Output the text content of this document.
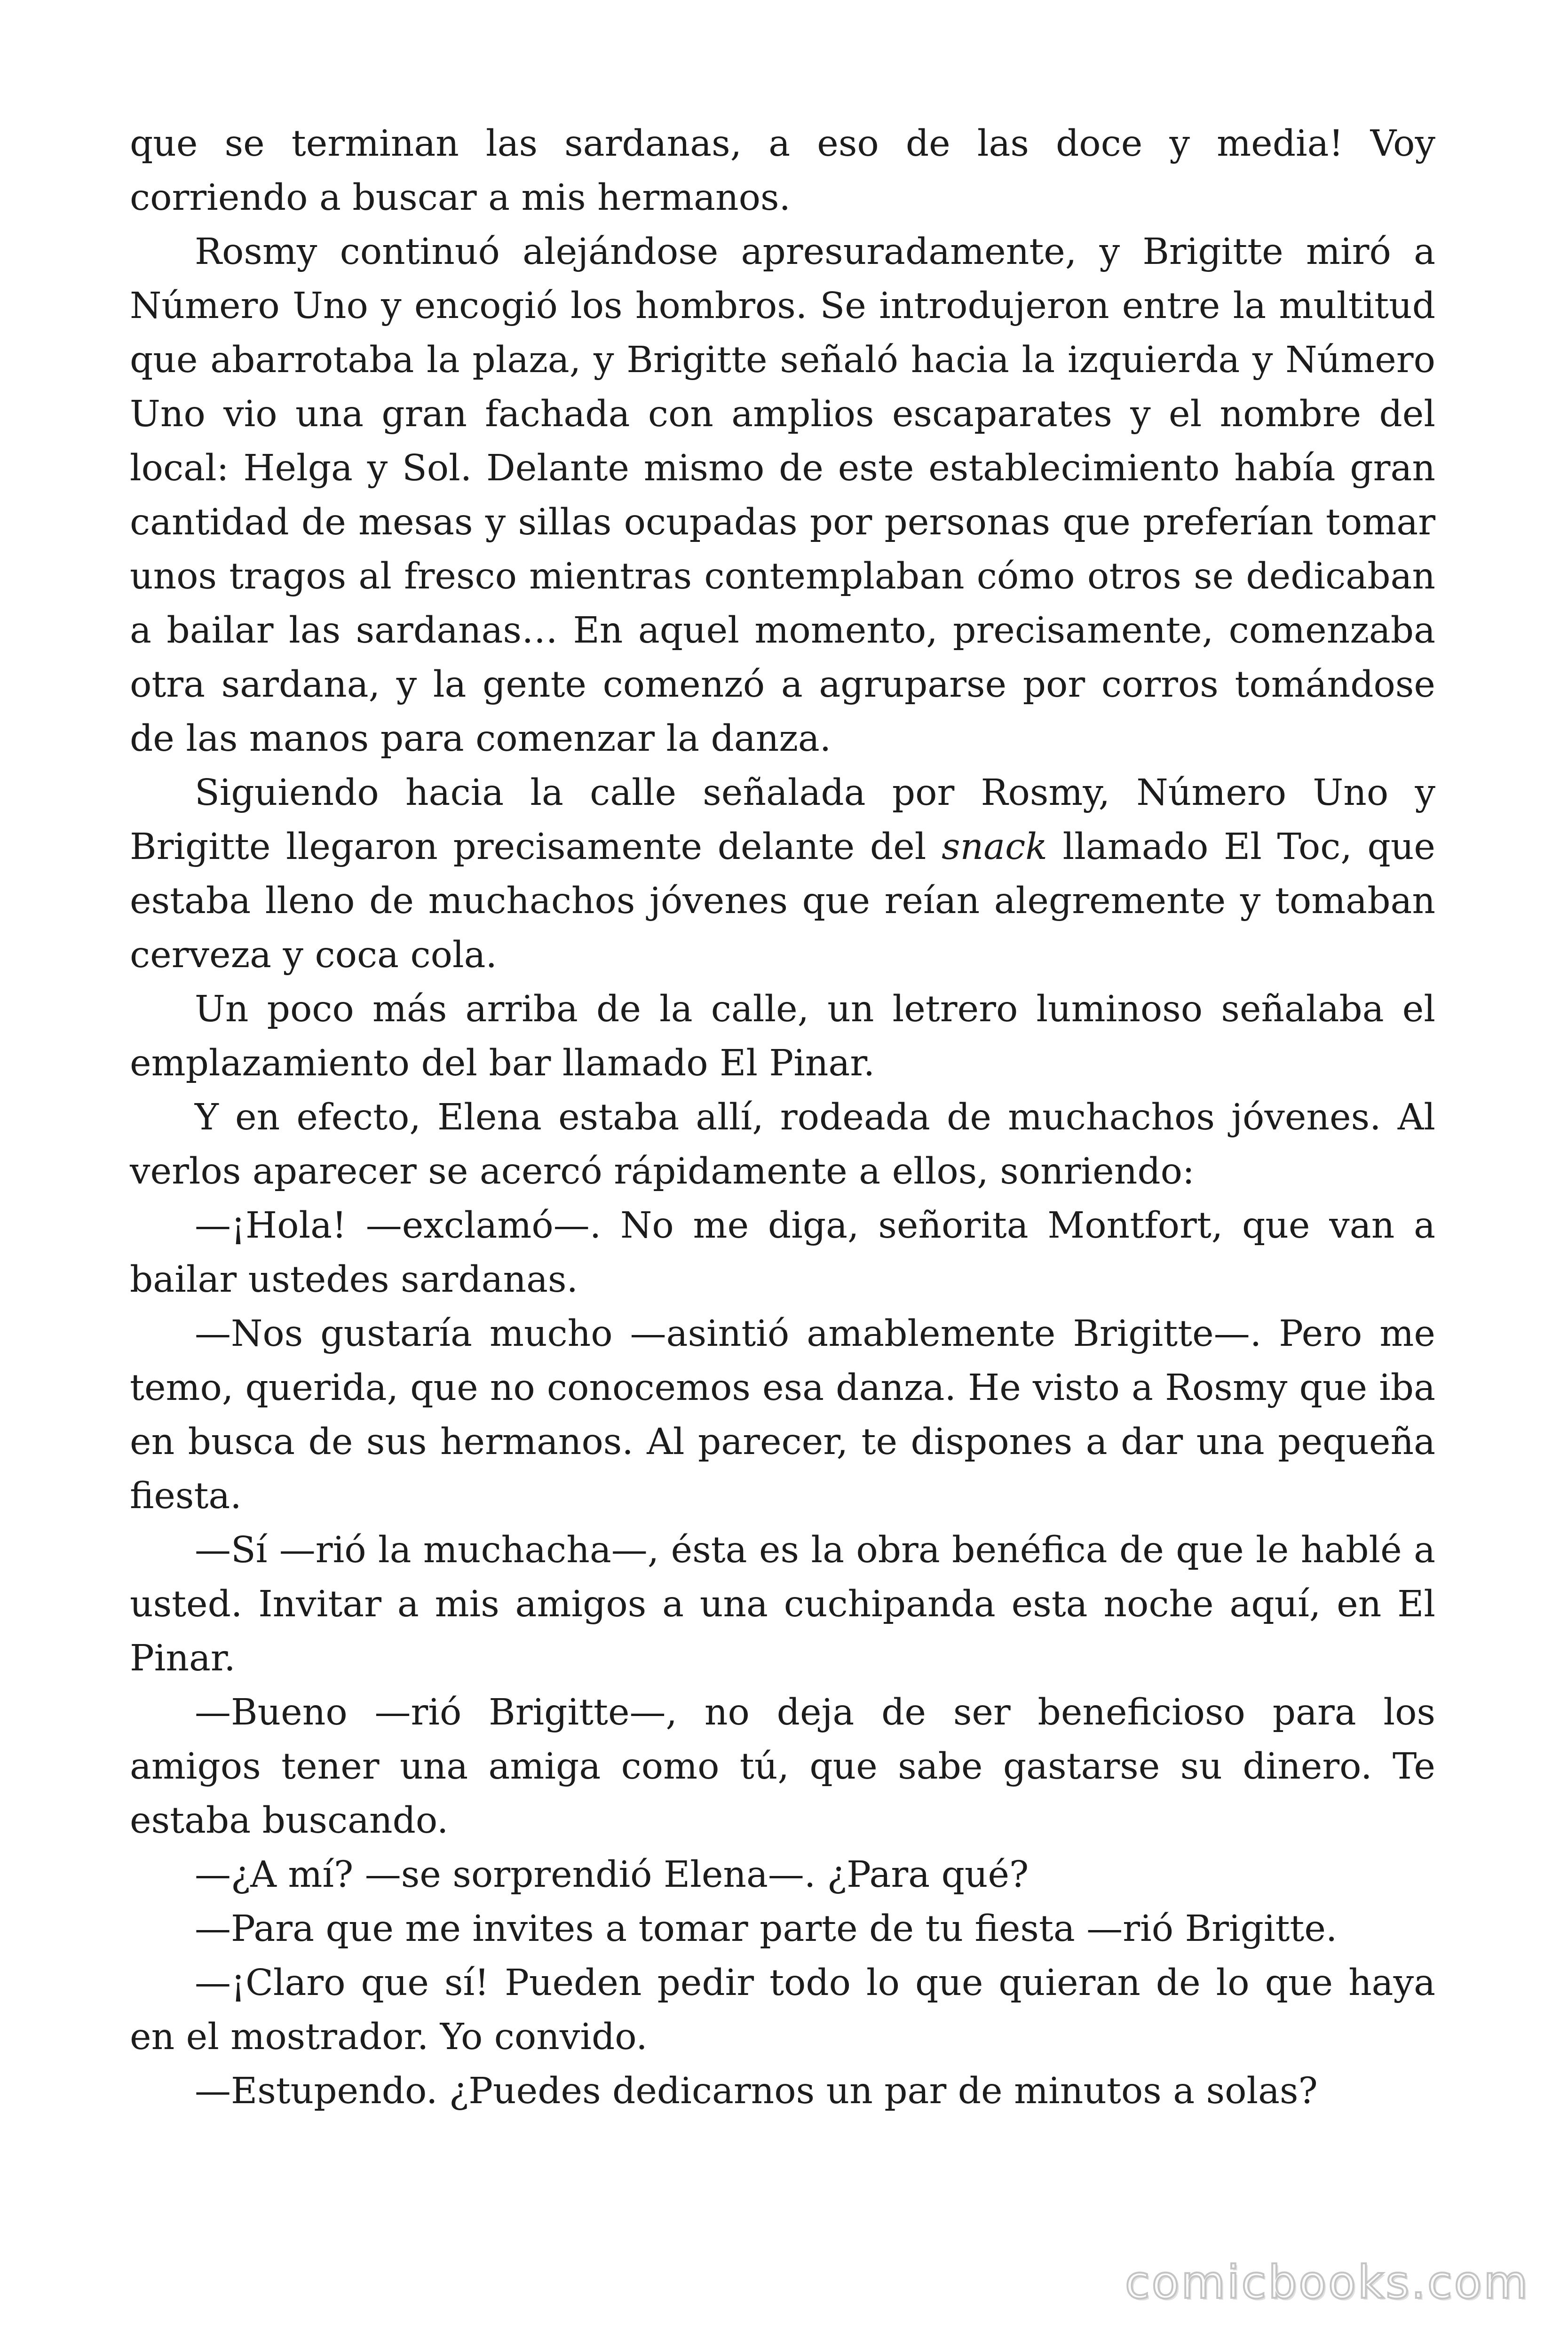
que se terminan las sardanas, a eso de las doce y media! Voy corriendo a buscar a mis hermanos.

Rosmy continuó alejándose apresuradamente, y Brigitte miró a Número Uno y encogió los hombros. Se introdujeron entre la multitud que abarrotaba la plaza, y Brigitte señaló hacia la izquierda y Número Uno vio una gran fachada con amplios escaparates y el nombre del local: Helga y Sol. Delante mismo de este establecimiento había gran cantidad de mesas y sillas ocupadas por personas que preferían tomar unos tragos al fresco mientras contemplaban cómo otros se dedicaban a bailar las sardanas… En aquel momento, precisamente, comenzaba otra sardana, y la gente comenzó a agruparse por corros tomándose de las manos para comenzar la danza.

Siguiendo hacia la calle señalada por Rosmy, Número Uno y Brigitte llegaron precisamente delante del snack llamado El Toc, que estaba lleno de muchachos jóvenes que reían alegremente y tomaban cerveza y coca cola.

Un poco más arriba de la calle, un letrero luminoso señalaba el emplazamiento del bar llamado El Pinar.

Y en efecto, Elena estaba allí, rodeada de muchachos jóvenes. Al verlos aparecer se acercó rápidamente a ellos, sonriendo:

—¡Hola! —exclamó—. No me diga, señorita Montfort, que van a bailar ustedes sardanas.

—Nos gustaría mucho —asintió amablemente Brigitte—. Pero me temo, querida, que no conocemos esa danza. He visto a Rosmy que iba en busca de sus hermanos. Al parecer, te dispones a dar una pequeña fiesta.

—Sí —rió la muchacha—, ésta es la obra benéfica de que le hablé a usted. Invitar a mis amigos a una cuchipanda esta noche aquí, en El Pinar.

—Bueno —rió Brigitte—, no deja de ser beneficioso para los amigos tener una amiga como tú, que sabe gastarse su dinero. Te estaba buscando.

—¿A mí? —se sorprendió Elena—. ¿Para qué?

—Para que me invites a tomar parte de tu fiesta —rió Brigitte.

—¡Claro que sí! Pueden pedir todo lo que quieran de lo que haya en el mostrador. Yo convido.

—Estupendo. ¿Puedes dedicarnos un par de minutos a solas?

comicbooks.com
